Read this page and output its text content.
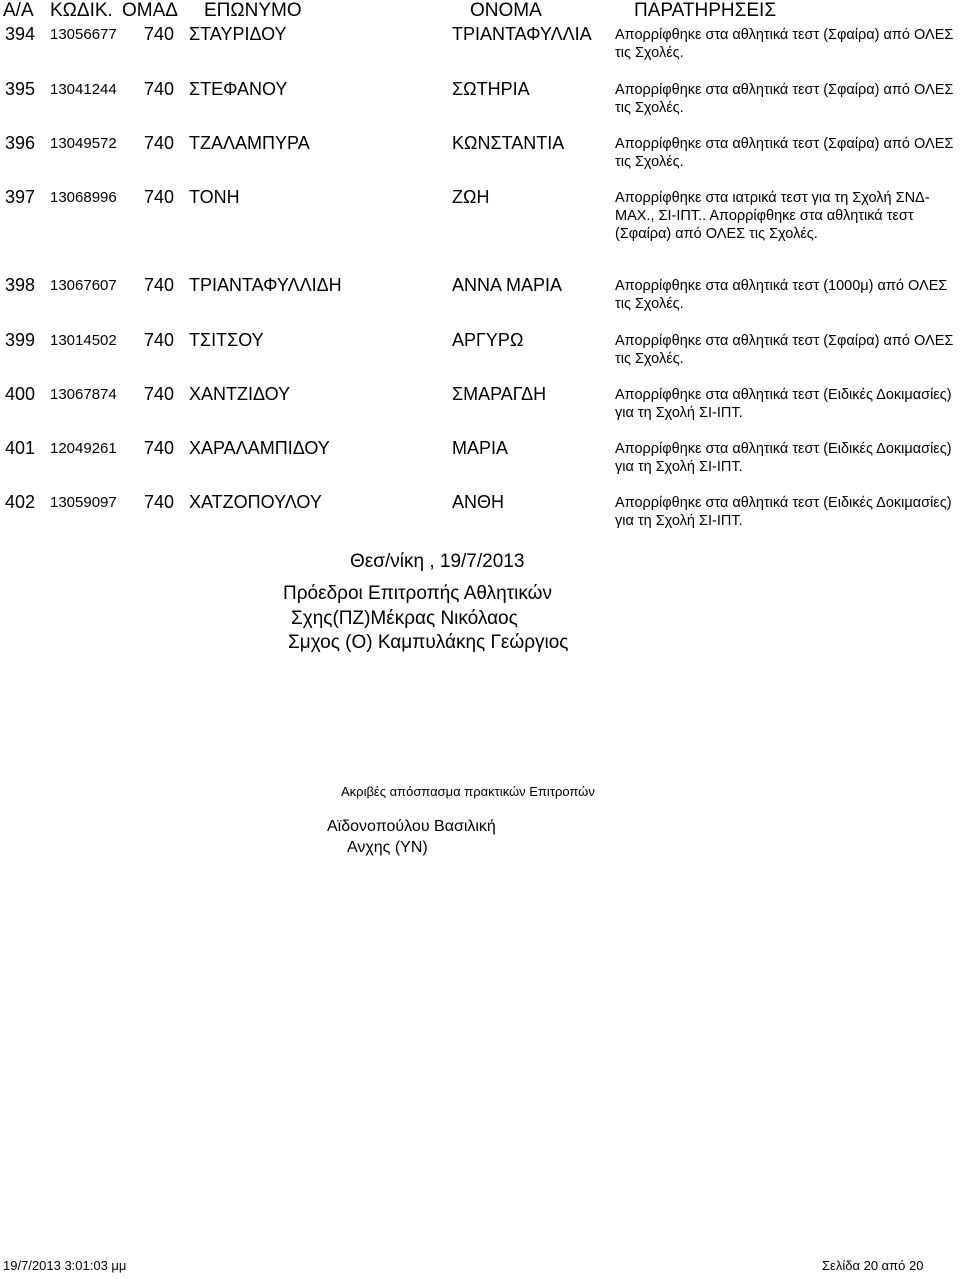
Α/Α ΚΩΔΙΚ. ΟΜΑΔ ΕΠΩΝΥΜΟ	ΟΝΟΜΑ	ΠΑΡΑΤΗΡΗΣΕΙΣ
394 13056677 740 ΣΤΑΥΡΙΔΟΥ	ΤΡΙΑΝΤΑΦΥΛΛΙΑ Απορρίφθηκε στα αθλητικά τεστ (Σφαίρα) από ΟΛΕΣ τις Σχολές.
395 13041244 740 ΣΤΕΦΑΝΟΥ	ΣΩΤΗΡΙΑ	Απορρίφθηκε στα αθλητικά τεστ (Σφαίρα) από ΟΛΕΣ τις Σχολές.
396 13049572 740 ΤΖΑΛΑΜΠΥΡΑ	ΚΩΝΣΤΑΝΤΙΑ	Απορρίφθηκε στα αθλητικά τεστ (Σφαίρα) από ΟΛΕΣ τις Σχολές.
397 13068996 740 ΤΟΝΗ	ΖΩΗ	Απορρίφθηκε στα ιατρικά τεστ για τη Σχολή ΣΝΔ-ΜΑΧ., ΣΙ-ΙΠΤ.. Απορρίφθηκε στα αθλητικά τεστ (Σφαίρα) από ΟΛΕΣ τις Σχολές.
398 13067607 740 ΤΡΙΑΝΤΑΦΥΛΛΙΔΗ	ΑΝΝΑ ΜΑΡΙΑ	Απορρίφθηκε στα αθλητικά τεστ (1000μ) από ΟΛΕΣ τις Σχολές.
399 13014502 740 ΤΣΙΤΣΟΥ	ΑΡΓΥΡΩ	Απορρίφθηκε στα αθλητικά τεστ (Σφαίρα) από ΟΛΕΣ τις Σχολές.
400 13067874 740 ΧΑΝΤΖΙΔΟΥ	ΣΜΑΡΑΓΔΗ	Απορρίφθηκε στα αθλητικά τεστ (Ειδικές Δοκιμασίες) για τη Σχολή ΣΙ-ΙΠΤ.
401 12049261 740 ΧΑΡΑΛΑΜΠΙΔΟΥ	ΜΑΡΙΑ	Απορρίφθηκε στα αθλητικά τεστ (Ειδικές Δοκιμασίες) για τη Σχολή ΣΙ-ΙΠΤ.
402 13059097 740 ΧΑΤΖΟΠΟΥΛΟΥ	ΑΝΘΗ	Απορρίφθηκε στα αθλητικά τεστ (Ειδικές Δοκιμασίες) για τη Σχολή ΣΙ-ΙΠΤ.
Θεσ/νίκη , 19/7/2013
Πρόεδροι Επιτροπής Αθλητικών
Σχης(ΠΖ)Μέκρας Νικόλαος
Σμχος (Ο) Καμπυλάκης Γεώργιος
Ακριβές απόσπασμα πρακτικών Επιτροπών
Αϊδονοπούλου Βασιλική
Ανχης (ΥΝ)
19/7/2013 3:01:03 μμ	Σελίδα 20 από 20
